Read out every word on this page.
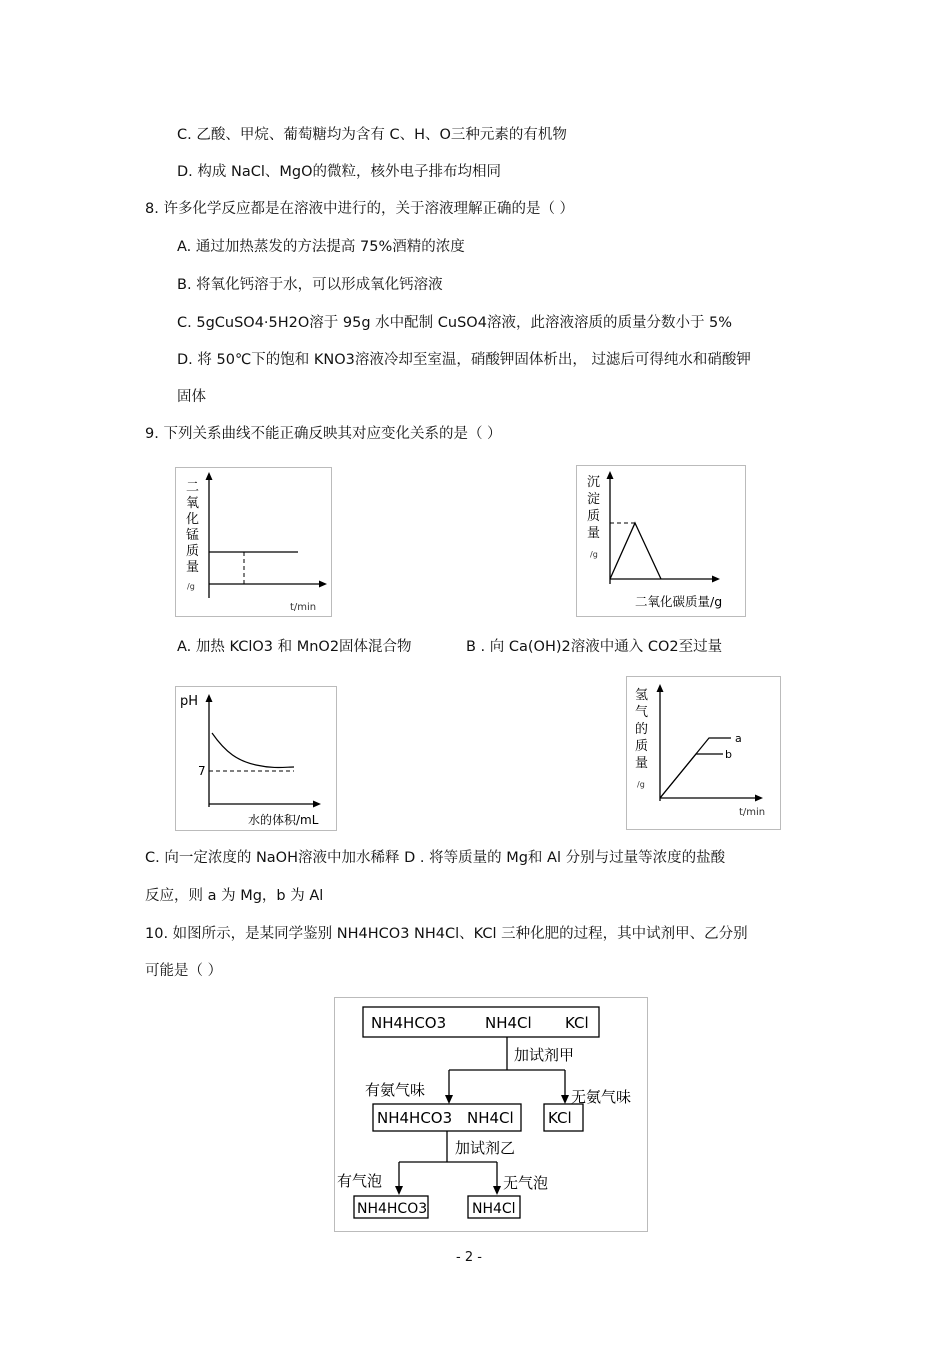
C. 乙酸、甲烷、葡萄糖均为含有 C、H、O三种元素的有机物
D. 构成 NaCl、MgO的微粒，核外电子排布均相同
8. 许多化学反应都是在溶液中进行的，关于溶液理解正确的是（ ）
A. 通过加热蒸发的方法提高 75%酒精的浓度
B. 将氧化钙溶于水，可以形成氧化钙溶液
C. 5gCuSO4·5H2O溶于 95g 水中配制 CuSO4溶液，此溶液溶质的质量分数小于 5%
D. 将 50℃下的饱和 KNO3溶液冷却至室温，硝酸钾固体析出， 过滤后可得纯水和硝酸钾
固体
9. 下列关系曲线不能正确反映其对应变化关系的是（ ）
二
氧
化
锰
质
量
/g
t/min
沉
淀
质
量
/g
二氧化碳质量/g
A. 加热 KClO3 和 MnO2固体混合物	B . 向 Ca(OH)2溶液中通入 CO2至过量
pH
7
水的体积/mL
a
b
氢
气
的
质
量
/g
t/min
C. 向一定浓度的 NaOH溶液中加水稀释 D . 将等质量的 Mg和 Al 分别与过量等浓度的盐酸
反应，则 a 为 Mg，b 为 Al
10. 如图所示，是某同学鉴别 NH4HCO3 NH4Cl、KCl 三种化肥的过程，其中试剂甲、乙分别
可能是（ ）
NH4HCO3	NH4Cl KCl
NH4HCO3 NH4Cl KCl
NH4HCO3	NH4Cl
加试剂甲
有氨气味	无氨气味
加试剂乙
有气泡	无气泡
- 2 -
